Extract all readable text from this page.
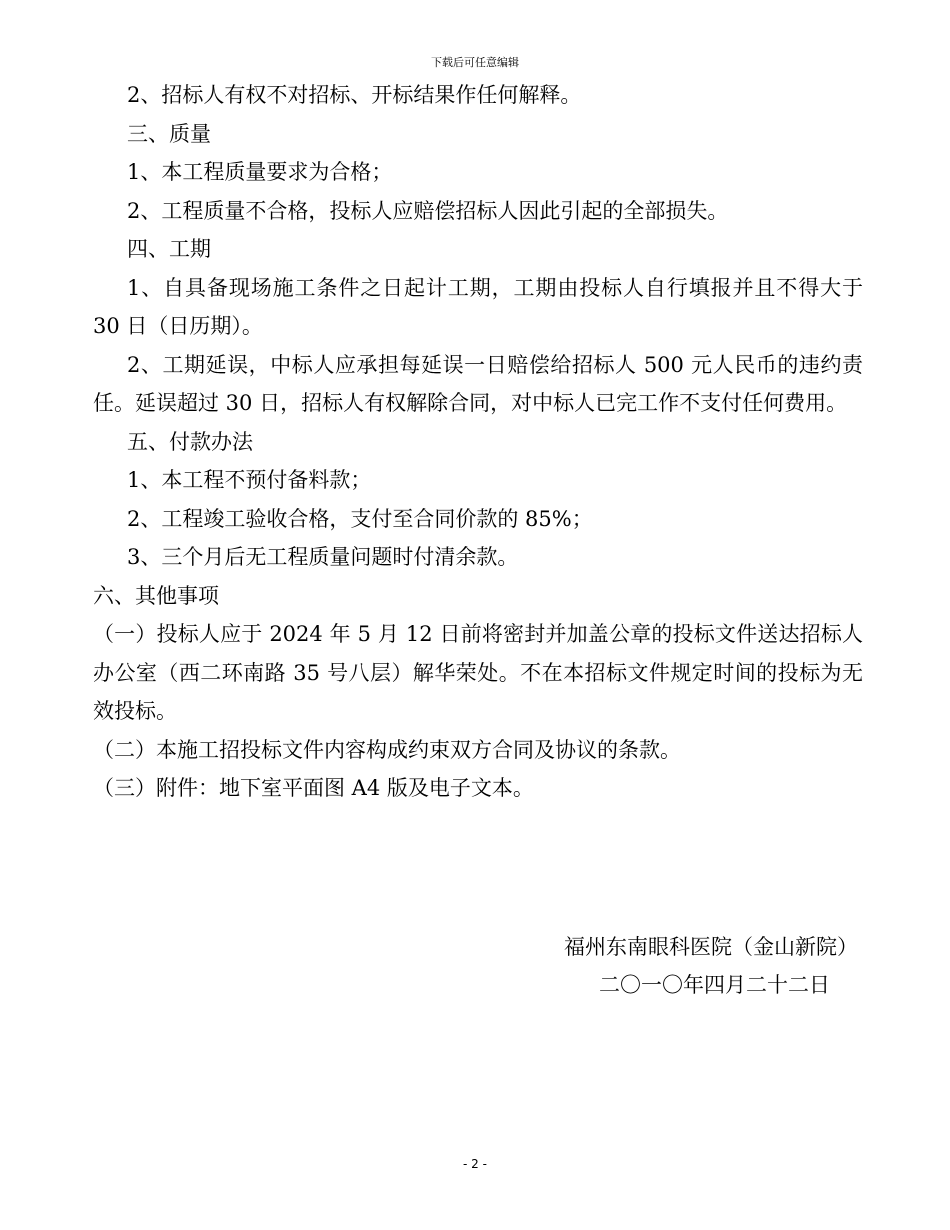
下载后可任意编辑

2、招标人有权不对招标、开标结果作任何解释。

三、质量

1、本工程质量要求为合格；

2、工程质量不合格，投标人应赔偿招标人因此引起的全部损失。

四、工期

1、自具备现场施工条件之日起计工期，工期由投标人自行填报并且不得大于 30 日（日历期）。

2、工期延误，中标人应承担每延误一日赔偿给招标人 500 元人民币的违约责任。延误超过 30 日，招标人有权解除合同，对中标人已完工作不支付任何费用。

五、付款办法

1、本工程不预付备料款；

2、工程竣工验收合格，支付至合同价款的 85%；

3、三个月后无工程质量问题时付清余款。

六、其他事项

（一）投标人应于 2024 年 5 月 12 日前将密封并加盖公章的投标文件送达招标人办公室（西二环南路 35 号八层）解华荣处。不在本招标文件规定时间的投标为无效投标。

（二）本施工招投标文件内容构成约束双方合同及协议的条款。

（三）附件：地下室平面图 A4 版及电子文本。

福州东南眼科医院（金山新院）
二〇一〇年四月二十二日
- 2 -
